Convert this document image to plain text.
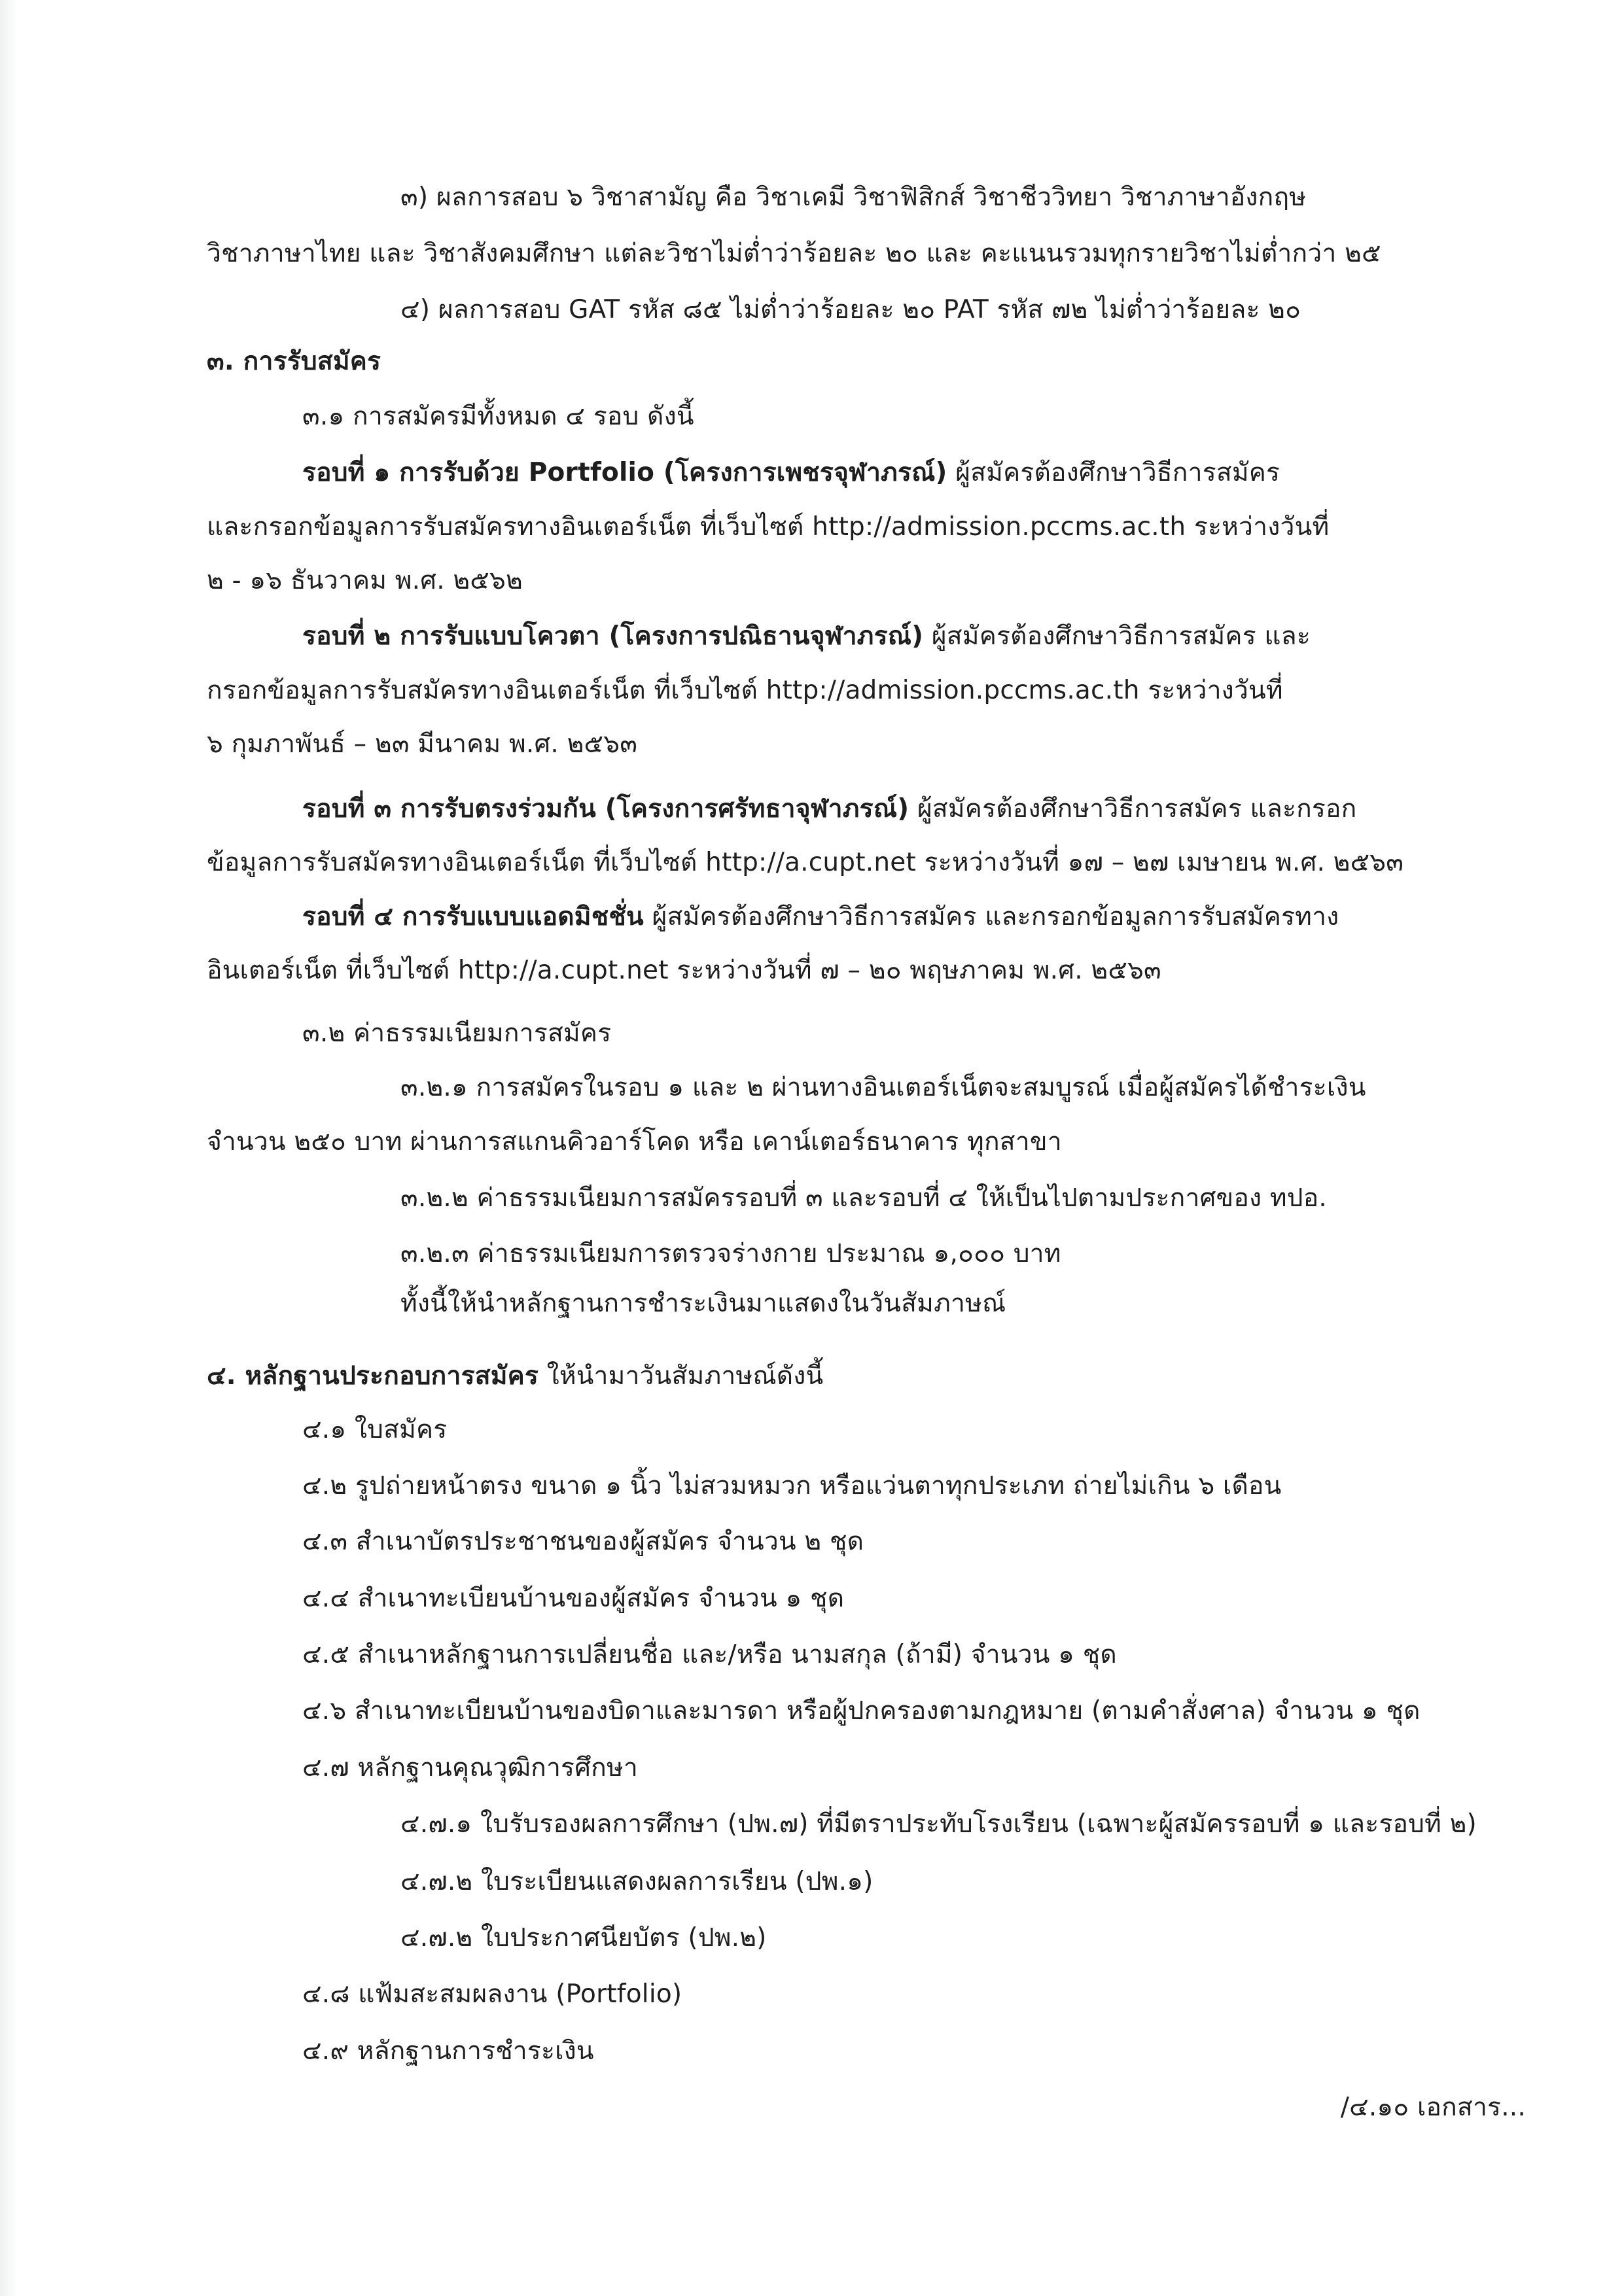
๓) ผลการสอบ ๖ วิชาสามัญ คือ วิชาเคมี วิชาฟิสิกส์ วิชาชีววิทยา วิชาภาษาอังกฤษ
วิชาภาษาไทย และ วิชาสังคมศึกษา แต่ละวิชาไม่ต่ำว่าร้อยละ ๒๐ และ คะแนนรวมทุกรายวิชาไม่ต่ำกว่า ๒๕
๔) ผลการสอบ GAT รหัส ๘๕ ไม่ต่ำว่าร้อยละ ๒๐ PAT รหัส ๗๒ ไม่ต่ำว่าร้อยละ ๒๐
๓. การรับสมัคร
๓.๑ การสมัครมีทั้งหมด ๔ รอบ ดังนี้
รอบที่ ๑ การรับด้วย Portfolio (โครงการเพชรจุฬาภรณ์) ผู้สมัครต้องศึกษาวิธีการสมัคร
และกรอกข้อมูลการรับสมัครทางอินเตอร์เน็ต ที่เว็บไซต์ http://admission.pccms.ac.th ระหว่างวันที่
๒ - ๑๖ ธันวาคม พ.ศ. ๒๕๖๒
รอบที่ ๒ การรับแบบโควตา (โครงการปณิธานจุฬาภรณ์) ผู้สมัครต้องศึกษาวิธีการสมัคร และ
กรอกข้อมูลการรับสมัครทางอินเตอร์เน็ต ที่เว็บไซต์ http://admission.pccms.ac.th ระหว่างวันที่
๖ กุมภาพันธ์ – ๒๓ มีนาคม พ.ศ. ๒๕๖๓
รอบที่ ๓ การรับตรงร่วมกัน (โครงการศรัทธาจุฬาภรณ์) ผู้สมัครต้องศึกษาวิธีการสมัคร และกรอก
ข้อมูลการรับสมัครทางอินเตอร์เน็ต ที่เว็บไซต์ http://a.cupt.net ระหว่างวันที่ ๑๗ – ๒๗ เมษายน พ.ศ. ๒๕๖๓
รอบที่ ๔ การรับแบบแอดมิชชั่น ผู้สมัครต้องศึกษาวิธีการสมัคร และกรอกข้อมูลการรับสมัครทาง
อินเตอร์เน็ต ที่เว็บไซต์ http://a.cupt.net ระหว่างวันที่ ๗ – ๒๐ พฤษภาคม พ.ศ. ๒๕๖๓
๓.๒ ค่าธรรมเนียมการสมัคร
๓.๒.๑ การสมัครในรอบ ๑ และ ๒ ผ่านทางอินเตอร์เน็ตจะสมบูรณ์ เมื่อผู้สมัครได้ชำระเงิน
จำนวน ๒๕๐ บาท ผ่านการสแกนคิวอาร์โคด หรือ เคาน์เตอร์ธนาคาร ทุกสาขา
๓.๒.๒ ค่าธรรมเนียมการสมัครรอบที่ ๓ และรอบที่ ๔ ให้เป็นไปตามประกาศของ ทปอ.
๓.๒.๓ ค่าธรรมเนียมการตรวจร่างกาย ประมาณ ๑,๐๐๐ บาท
ทั้งนี้ให้นำหลักฐานการชำระเงินมาแสดงในวันสัมภาษณ์
๔. หลักฐานประกอบการสมัคร ให้นำมาวันสัมภาษณ์ดังนี้
๔.๑ ใบสมัคร
๔.๒ รูปถ่ายหน้าตรง ขนาด ๑ นิ้ว ไม่สวมหมวก หรือแว่นตาทุกประเภท ถ่ายไม่เกิน ๖ เดือน
๔.๓ สำเนาบัตรประชาชนของผู้สมัคร จำนวน ๒ ชุด
๔.๔ สำเนาทะเบียนบ้านของผู้สมัคร จำนวน ๑ ชุด
๔.๕ สำเนาหลักฐานการเปลี่ยนชื่อ และ/หรือ นามสกุล (ถ้ามี) จำนวน ๑ ชุด
๔.๖ สำเนาทะเบียนบ้านของบิดาและมารดา หรือผู้ปกครองตามกฎหมาย (ตามคำสั่งศาล) จำนวน ๑ ชุด
๔.๗ หลักฐานคุณวุฒิการศึกษา
๔.๗.๑ ใบรับรองผลการศึกษา (ปพ.๗) ที่มีตราประทับโรงเรียน (เฉพาะผู้สมัครรอบที่ ๑ และรอบที่ ๒)
๔.๗.๒ ใบระเบียนแสดงผลการเรียน (ปพ.๑)
๔.๗.๒ ใบประกาศนียบัตร (ปพ.๒)
๔.๘ แฟ้มสะสมผลงาน (Portfolio)
๔.๙ หลักฐานการชำระเงิน
/๔.๑๐ เอกสาร...
